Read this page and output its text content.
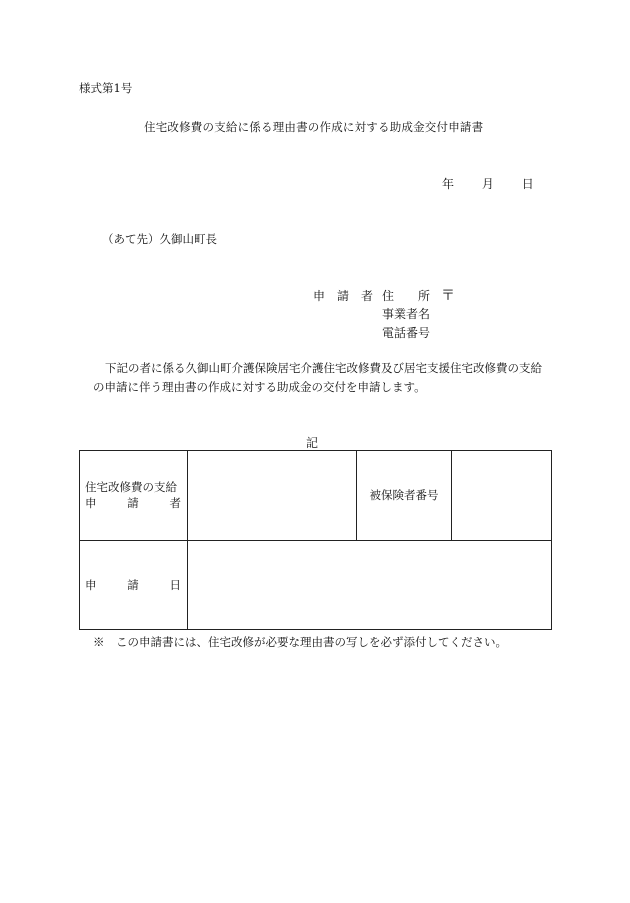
様式第1号
住宅改修費の支給に係る理由書の作成に対する助成金交付申請書
年 月 日
（あて先）久御山町長
申　請　者 住　　所 〒
事業者名
電話番号
下記の者に係る久御山町介護保険居宅介護住宅改修費及び居宅支援住宅改修費の支給
の申請に伴う理由書の作成に対する助成金の交付を申請します。
記
住宅改修費の支給
申 請 者		被保険者番号	

申 請 日			

※　この申請書には、住宅改修が必要な理由書の写しを必ず添付してください。
